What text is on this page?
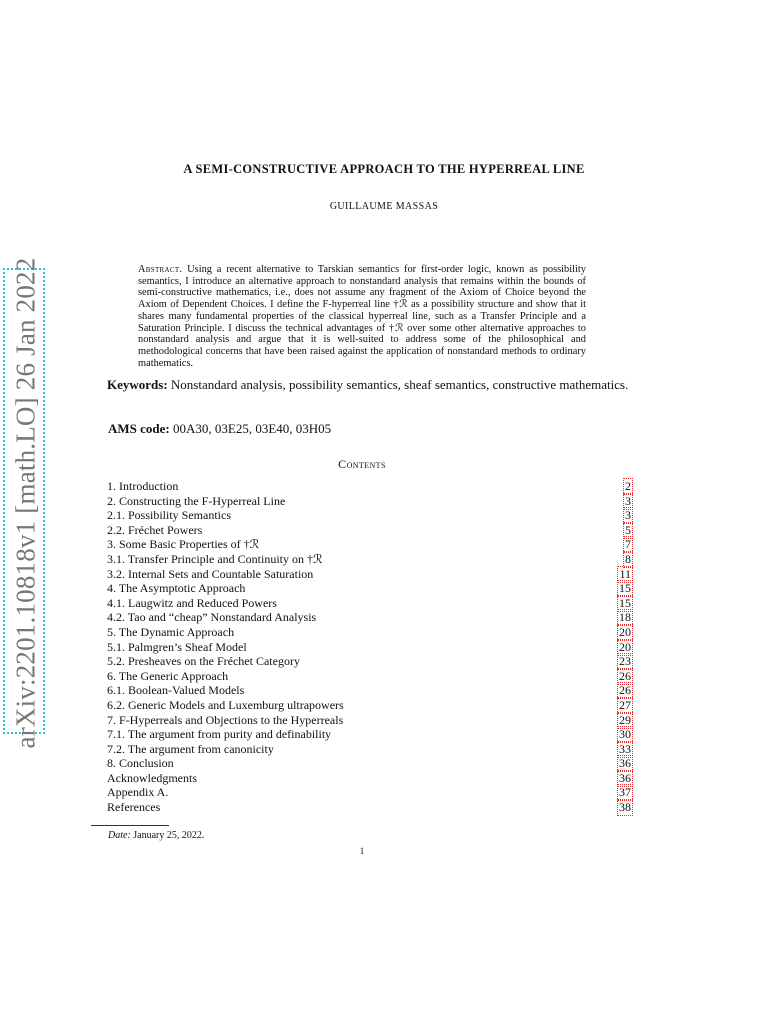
arXiv:2201.10818v1 [math.LO] 26 Jan 2022
A SEMI-CONSTRUCTIVE APPROACH TO THE HYPERREAL LINE
GUILLAUME MASSAS
Abstract. Using a recent alternative to Tarskian semantics for first-order logic, known as possibility semantics, I introduce an alternative approach to nonstandard analysis that remains within the bounds of semi-constructive mathematics, i.e., does not assume any fragment of the Axiom of Choice beyond the Axiom of Dependent Choices. I define the F-hyperreal line †ℛ as a possibility structure and show that it shares many fundamental properties of the classical hyperreal line, such as a Transfer Principle and a Saturation Principle. I discuss the technical advantages of †ℛ over some other alternative approaches to nonstandard analysis and argue that it is well-suited to address some of the philosophical and methodological concerns that have been raised against the application of nonstandard methods to ordinary mathematics.
Keywords: Nonstandard analysis, possibility semantics, sheaf semantics, constructive mathematics.
AMS code: 00A30, 03E25, 03E40, 03H05
Contents
1. Introduction	2
2. Constructing the F-Hyperreal Line	3
2.1. Possibility Semantics	3
2.2. Fréchet Powers	5
3. Some Basic Properties of †ℛ	7
3.1. Transfer Principle and Continuity on †ℛ	8
3.2. Internal Sets and Countable Saturation	11
4. The Asymptotic Approach	15
4.1. Laugwitz and Reduced Powers	15
4.2. Tao and “cheap” Nonstandard Analysis	18
5. The Dynamic Approach	20
5.1. Palmgren’s Sheaf Model	20
5.2. Presheaves on the Fréchet Category	23
6. The Generic Approach	26
6.1. Boolean-Valued Models	26
6.2. Generic Models and Luxemburg ultrapowers	27
7. F-Hyperreals and Objections to the Hyperreals	29
7.1. The argument from purity and definability	30
7.2. The argument from canonicity	33
8. Conclusion	36
Acknowledgments	36
Appendix A.	37
References	38
Date: January 25, 2022.
1
